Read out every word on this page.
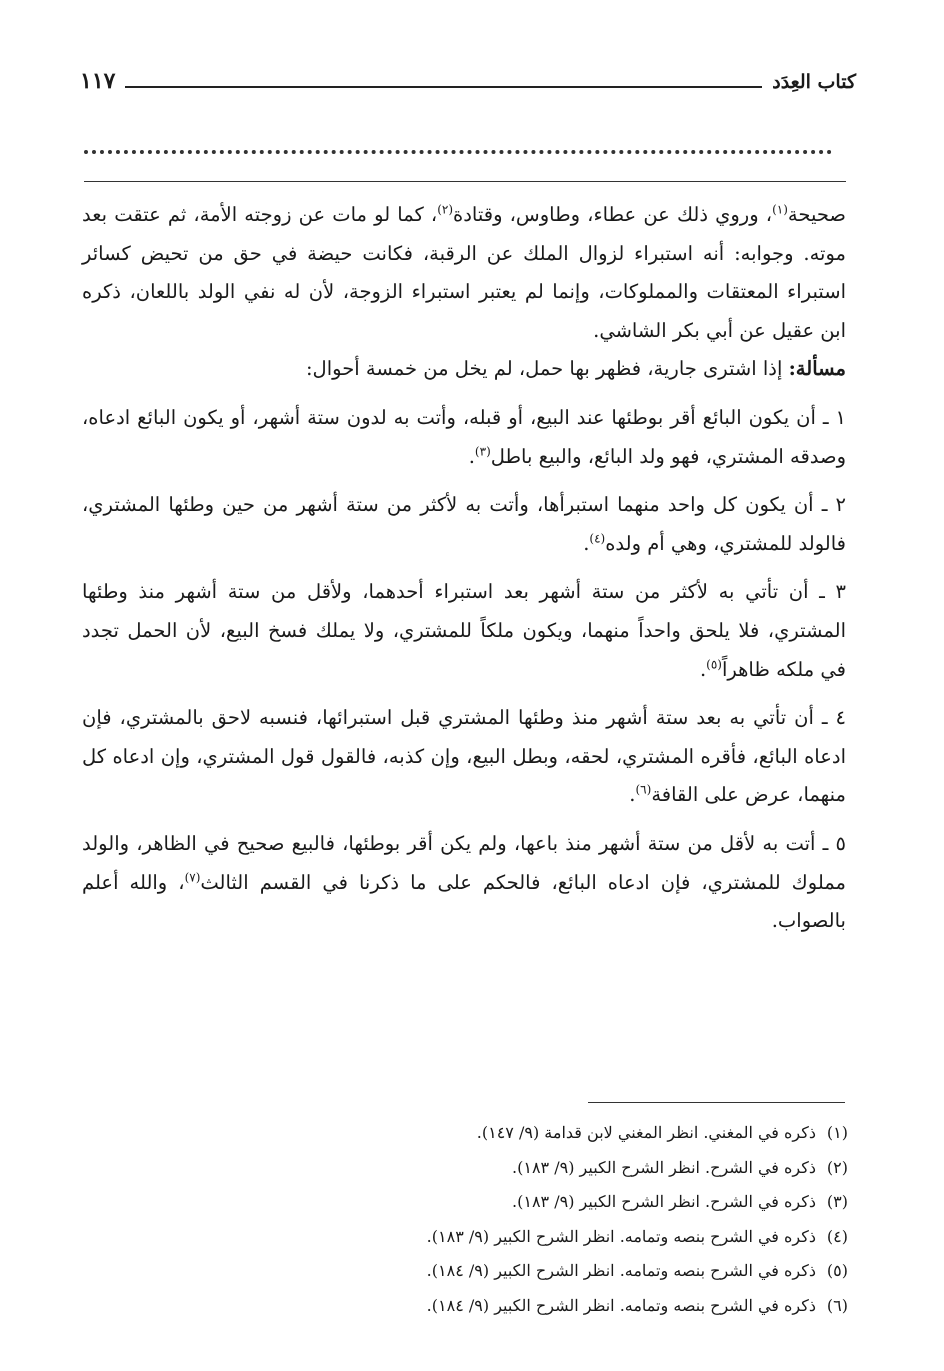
كتاب العِدَد
١١٧

صحيحة$^{(١)}$، وروي ذلك عن عطاء، وطاوس، وقتادة$^{(٢)}$، كما لو مات عن زوجته الأمة، ثم عتقت بعد موته. وجوابه: أنه استبراء لزوال الملك عن الرقبة، فكانت حيضة في حق من تحيض كسائر استبراء المعتقات والمملوكات، وإنما لم يعتبر استبراء الزوجة، لأن له نفي الولد باللعان، ذكره ابن عقيل عن أبي بكر الشاشي.

مسألة: إذا اشترى جارية، فظهر بها حمل، لم يخل من خمسة أحوال:

١ ـ أن يكون البائع أقر بوطئها عند البيع، أو قبله، وأتت به لدون ستة أشهر، أو يكون البائع ادعاه، وصدقه المشتري، فهو ولد البائع، والبيع باطل$^{(٣)}$.

٢ ـ أن يكون كل واحد منهما استبرأها، وأتت به لأكثر من ستة أشهر من حين وطئها المشتري، فالولد للمشتري، وهي أم ولده$^{(٤)}$.

٣ ـ أن تأتي به لأكثر من ستة أشهر بعد استبراء أحدهما، ولأقل من ستة أشهر منذ وطئها المشتري، فلا يلحق واحداً منهما، ويكون ملكاً للمشتري، ولا يملك فسخ البيع، لأن الحمل تجدد في ملكه ظاهراً$^{(٥)}$.

٤ ـ أن تأتي به بعد ستة أشهر منذ وطئها المشتري قبل استبرائها، فنسبه لاحق بالمشتري، فإن ادعاه البائع، فأقره المشتري، لحقه، وبطل البيع، وإن كذبه، فالقول قول المشتري، وإن ادعاه كل منهما، عرض على القافة$^{(٦)}$.

٥ ـ أتت به لأقل من ستة أشهر منذ باعها، ولم يكن أقر بوطئها، فالبيع صحيح في الظاهر، والولد مملوك للمشتري، فإن ادعاه البائع، فالحكم على ما ذكرنا في القسم الثالث$^{(٧)}$، والله أعلم بالصواب.

(١)ذكره في المغني. انظر المغني لابن قدامة (٩/ ١٤٧).
(٢)ذكره في الشرح. انظر الشرح الكبير (٩/ ١٨٣).
(٣)ذكره في الشرح. انظر الشرح الكبير (٩/ ١٨٣).
(٤)ذكره في الشرح بنصه وتمامه. انظر الشرح الكبير (٩/ ١٨٣).
(٥)ذكره في الشرح بنصه وتمامه. انظر الشرح الكبير (٩/ ١٨٤).
(٦)ذكره في الشرح بنصه وتمامه. انظر الشرح الكبير (٩/ ١٨٤).
